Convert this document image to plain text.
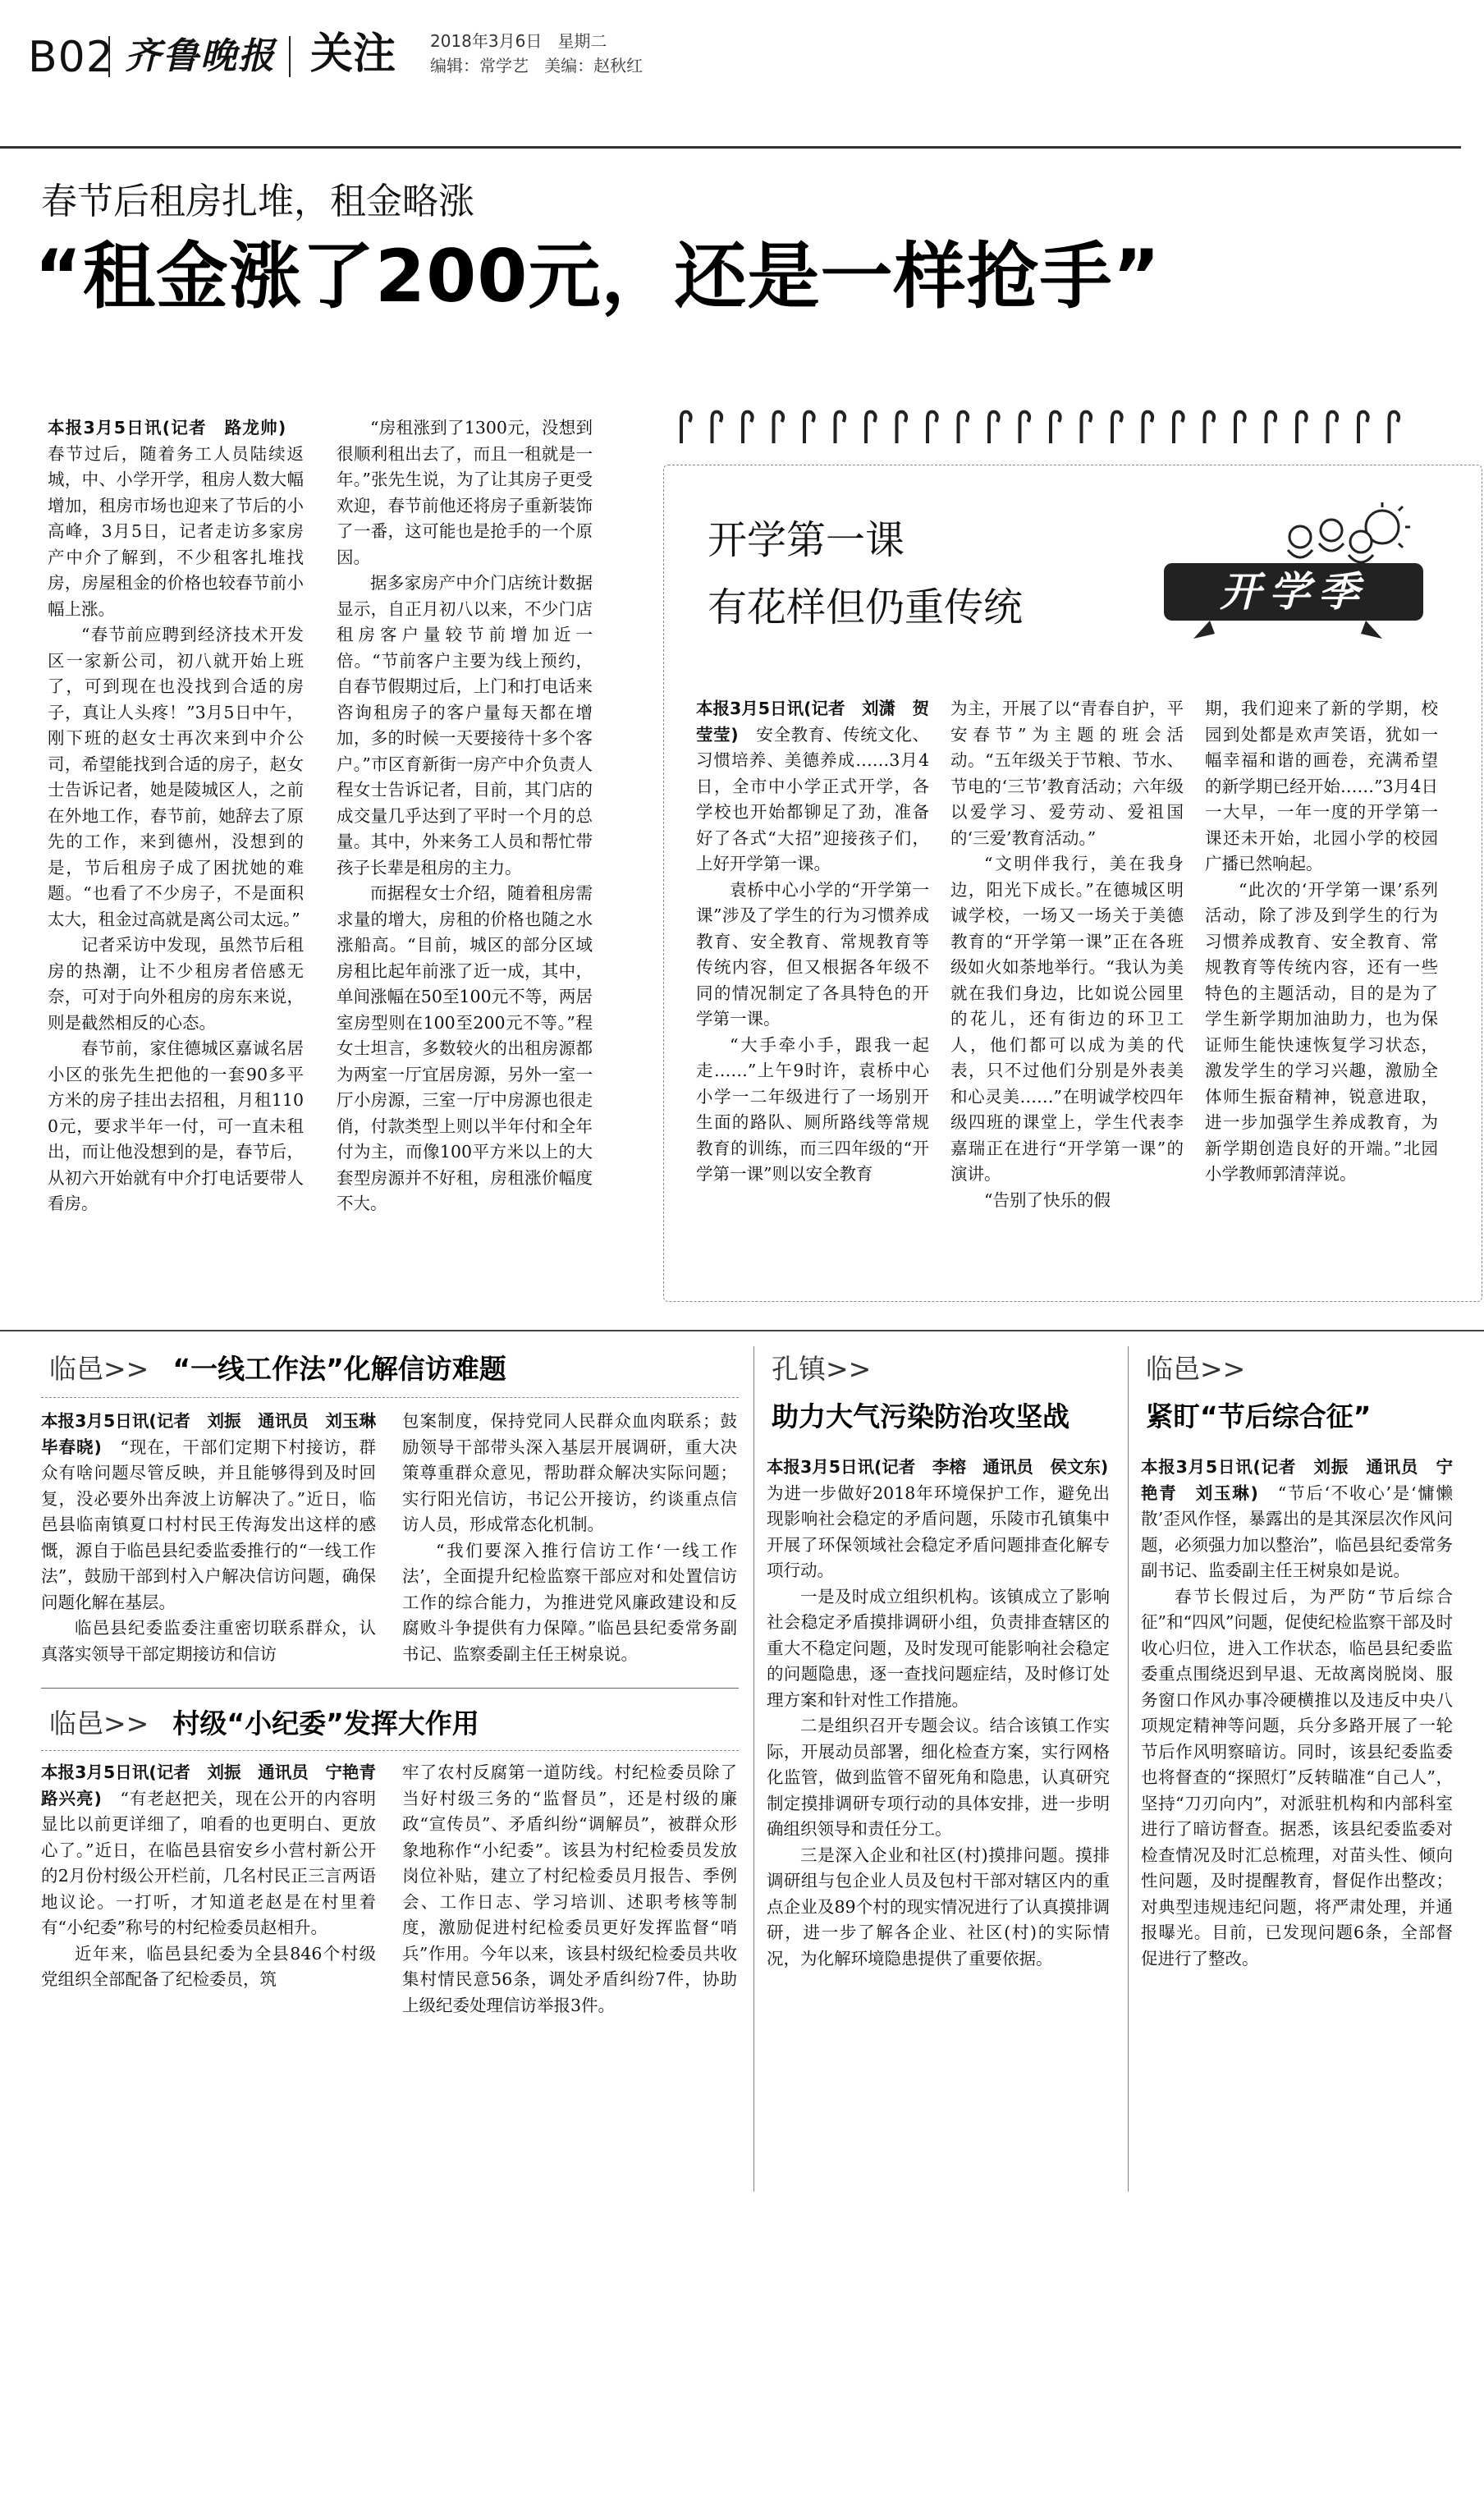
B02 齐鲁晚报 关注 2018年3月6日 星期二
编辑：常学艺 美编：赵秋红
春节后租房扎堆，租金略涨
“租金涨了200元，还是一样抢手”

本报3月5日讯(记者　路龙帅)　春节过后，随着务工人员陆续返城，中、小学开学，租房人数大幅增加，租房市场也迎来了节后的小高峰，3月5日，记者走访多家房产中介了解到，不少租客扎堆找房，房屋租金的价格也较春节前小幅上涨。

“春节前应聘到经济技术开发区一家新公司，初八就开始上班了，可到现在也没找到合适的房子，真让人头疼！”3月5日中午，刚下班的赵女士再次来到中介公司，希望能找到合适的房子，赵女士告诉记者，她是陵城区人，之前在外地工作，春节前，她辞去了原先的工作，来到德州，没想到的是，节后租房子成了困扰她的难题。“也看了不少房子，不是面积太大，租金过高就是离公司太远。”

记者采访中发现，虽然节后租房的热潮，让不少租房者倍感无奈，可对于向外租房的房东来说，则是截然相反的心态。

春节前，家住德城区嘉诚名居小区的张先生把他的一套90多平方米的房子挂出去招租，月租1100元，要求半年一付，可一直未租出，而让他没想到的是，春节后，从初六开始就有中介打电话要带人看房。

“房租涨到了1300元，没想到很顺利租出去了，而且一租就是一年。”张先生说，为了让其房子更受欢迎，春节前他还将房子重新装饰了一番，这可能也是抢手的一个原因。

据多家房产中介门店统计数据显示，自正月初八以来，不少门店租房客户量较节前增加近一倍。“节前客户主要为线上预约，自春节假期过后，上门和打电话来咨询租房子的客户量每天都在增加，多的时候一天要接待十多个客户。”市区育新街一房产中介负责人程女士告诉记者，目前，其门店的成交量几乎达到了平时一个月的总量。其中，外来务工人员和帮忙带孩子长辈是租房的主力。

而据程女士介绍，随着租房需求量的增大，房租的价格也随之水涨船高。“目前，城区的部分区域房租比起年前涨了近一成，其中，单间涨幅在50至100元不等，两居室房型则在100至200元不等。”程女士坦言，多数较火的出租房源都为两室一厅宜居房源，另外一室一厅小房源，三室一厅中房源也很走俏，付款类型上则以半年付和全年付为主，而像100平方米以上的大套型房源并不好租，房租涨价幅度不大。

开学第一课
有花样但仍重传统	开学季

本报3月5日讯(记者　刘潇　贺莹莹)　安全教育、传统文化、习惯培养、美德养成……3月4日，全市中小学正式开学，各学校也开始都铆足了劲，准备好了各式“大招”迎接孩子们，上好开学第一课。

袁桥中心小学的“开学第一课”涉及了学生的行为习惯养成教育、安全教育、常规教育等传统内容，但又根据各年级不同的情况制定了各具特色的开学第一课。

“大手牵小手，跟我一起走……”上午9时许，袁桥中心小学一二年级进行了一场别开生面的路队、厕所路线等常规教育的训练，而三四年级的“开学第一课”则以安全教育

为主，开展了以“青春自护，平安春节”为主题的班会活动。“五年级关于节粮、节水、节电的‘三节’教育活动；六年级以爱学习、爱劳动、爱祖国的‘三爱’教育活动。”

“文明伴我行，美在我身边，阳光下成长。”在德城区明诚学校，一场又一场关于美德教育的“开学第一课”正在各班级如火如荼地举行。“我认为美就在我们身边，比如说公园里的花儿，还有街边的环卫工人，他们都可以成为美的代表，只不过他们分别是外表美和心灵美……”在明诚学校四年级四班的课堂上，学生代表李嘉瑞正在进行“开学第一课”的演讲。

“告别了快乐的假

期，我们迎来了新的学期，校园到处都是欢声笑语，犹如一幅幸福和谐的画卷，充满希望的新学期已经开始……”3月4日一大早，一年一度的开学第一课还未开始，北园小学的校园广播已然响起。

“此次的‘开学第一课’系列活动，除了涉及到学生的行为习惯养成教育、安全教育、常规教育等传统内容，还有一些特色的主题活动，目的是为了学生新学期加油助力，也为保证师生能快速恢复学习状态，激发学生的学习兴趣，激励全体师生振奋精神，锐意进取，进一步加强学生养成教育，为新学期创造良好的开端。”北园小学教师郭清萍说。

临邑>> “一线工作法”化解信访难题

本报3月5日讯(记者　刘振　通讯员　刘玉琳　毕春晓)　“现在，干部们定期下村接访，群众有啥问题尽管反映，并且能够得到及时回复，没必要外出奔波上访解决了。”近日，临邑县临南镇夏口村村民王传海发出这样的感慨，源自于临邑县纪委监委推行的“一线工作法”，鼓励干部到村入户解决信访问题，确保问题化解在基层。

临邑县纪委监委注重密切联系群众，认真落实领导干部定期接访和信访

包案制度，保持党同人民群众血肉联系；鼓励领导干部带头深入基层开展调研，重大决策尊重群众意见，帮助群众解决实际问题；实行阳光信访，书记公开接访，约谈重点信访人员，形成常态化机制。

“我们要深入推行信访工作‘一线工作法’，全面提升纪检监察干部应对和处置信访工作的综合能力，为推进党风廉政建设和反腐败斗争提供有力保障。”临邑县纪委常务副书记、监察委副主任王树泉说。

临邑>> 村级“小纪委”发挥大作用

本报3月5日讯(记者　刘振　通讯员　宁艳青　路兴亮)　“有老赵把关，现在公开的内容明显比以前更详细了，咱看的也更明白、更放心了。”近日，在临邑县宿安乡小营村新公开的2月份村级公开栏前，几名村民正三言两语地议论。一打听，才知道老赵是在村里着有“小纪委”称号的村纪检委员赵相升。

近年来，临邑县纪委为全县846个村级党组织全部配备了纪检委员，筑

牢了农村反腐第一道防线。村纪检委员除了当好村级三务的“监督员”，还是村级的廉政“宣传员”、矛盾纠纷“调解员”，被群众形象地称作“小纪委”。该县为村纪检委员发放岗位补贴，建立了村纪检委员月报告、季例会、工作日志、学习培训、述职考核等制度，激励促进村纪检委员更好发挥监督“哨兵”作用。今年以来，该县村级纪检委员共收集村情民意56条，调处矛盾纠纷7件，协助上级纪委处理信访举报3件。

孔镇>>
助力大气污染防治攻坚战

本报3月5日讯(记者　李榕　通讯员　侯文东)　为进一步做好2018年环境保护工作，避免出现影响社会稳定的矛盾问题，乐陵市孔镇集中开展了环保领域社会稳定矛盾问题排查化解专项行动。

一是及时成立组织机构。该镇成立了影响社会稳定矛盾摸排调研小组，负责排查辖区的重大不稳定问题，及时发现可能影响社会稳定的问题隐患，逐一查找问题症结，及时修订处理方案和针对性工作措施。

二是组织召开专题会议。结合该镇工作实际，开展动员部署，细化检查方案，实行网格化监管，做到监管不留死角和隐患，认真研究制定摸排调研专项行动的具体安排，进一步明确组织领导和责任分工。

三是深入企业和社区(村)摸排问题。摸排调研组与包企业人员及包村干部对辖区内的重点企业及89个村的现实情况进行了认真摸排调研，进一步了解各企业、社区(村)的实际情况，为化解环境隐患提供了重要依据。

临邑>>
紧盯“节后综合征”

本报3月5日讯(记者　刘振　通讯员　宁艳青　刘玉琳)　“节后‘不收心’是‘慵懒散’歪风作怪，暴露出的是其深层次作风问题，必须强力加以整治”，临邑县纪委常务副书记、监委副主任王树泉如是说。

春节长假过后，为严防“节后综合征”和“四风”问题，促使纪检监察干部及时收心归位，进入工作状态，临邑县纪委监委重点围绕迟到早退、无故离岗脱岗、服务窗口作风办事冷硬横推以及违反中央八项规定精神等问题，兵分多路开展了一轮节后作风明察暗访。同时，该县纪委监委也将督查的“探照灯”反转瞄准“自己人”，坚持“刀刃向内”，对派驻机构和内部科室进行了暗访督查。据悉，该县纪委监委对检查情况及时汇总梳理，对苗头性、倾向性问题，及时提醒教育，督促作出整改；对典型违规违纪问题，将严肃处理，并通报曝光。目前，已发现问题6条，全部督促进行了整改。
